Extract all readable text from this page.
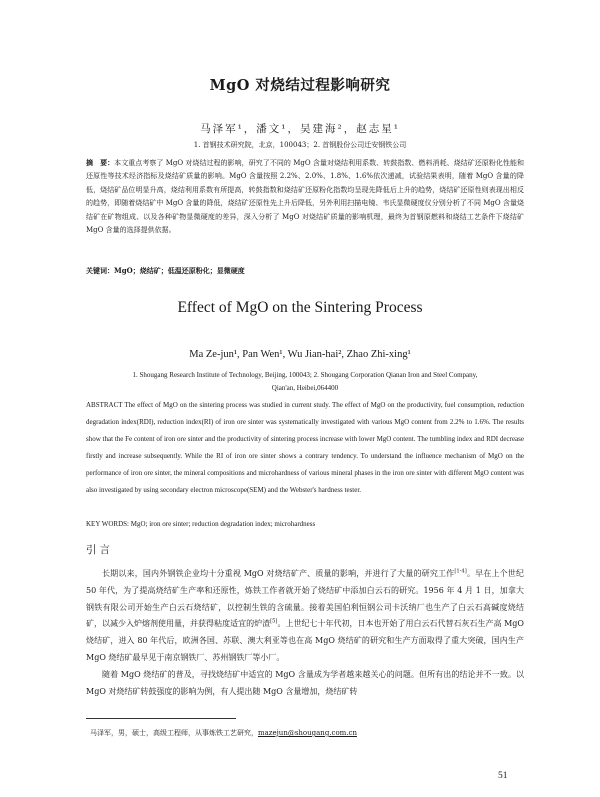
MgO 对烧结过程影响研究
马泽军¹，潘文¹，吴建海²，赵志星¹
1. 首钢技术研究院，北京，100043；2. 首钢股份公司迁安钢铁公司
摘　要：本文重点考察了 MgO 对烧结过程的影响，研究了不同的 MgO 含量对烧结利用系数、转鼓指数、燃料消耗、烧结矿还原粉化性能和还原性等技术经济指标及烧结矿质量的影响。MgO 含量按照 2.2%、2.0%、1.8%、1.6%依次递减，试验结果表明，随着 MgO 含量的降低，烧结矿品位明显升高，烧结利用系数有所提高，转鼓指数和烧结矿还原粉化指数均呈现先降低后上升的趋势，烧结矿还原性则表现出相反的趋势，即随着烧结矿中 MgO 含量的降低，烧结矿还原性先上升后降低，另外利用扫描电镜、韦氏显微硬度仪分别分析了不同 MgO 含量烧结矿在矿物组成、以及各种矿物显微硬度的差异，深入分析了 MgO 对烧结矿质量的影响机理，最终为首钢原燃料和烧结工艺条件下烧结矿 MgO 含量的选择提供依据。
关键词：MgO；烧结矿；低温还原粉化；显微硬度
Effect of MgO on the Sintering Process
Ma Ze-jun¹, Pan Wen¹, Wu Jian-hai², Zhao Zhi-xing¹
1. Shougang Research Institute of Technology, Beijing, 100043; 2. Shougang Corporation Qianan Iron and Steel Company,
Qian'an, Heibei,064400
ABSTRACT The effect of MgO on the sintering process was studied in current study. The effect of MgO on the productivity, fuel consumption, reduction degradation index(RDI), reduction index(RI) of iron ore sinter was systematically investigated with various MgO content from 2.2% to 1.6%. The results show that the Fe content of iron ore sinter and the productivity of sintering process increase with lower MgO content. The tumbling index and RDI decrease firstly and increase subsequently. While the RI of iron ore sinter shows a contrary tendency. To understand the influence mechanism of MgO on the performance of iron ore sinter, the mineral compositions and microhardness of various mineral phases in the iron ore sinter with different MgO content was also investigated by using secondary electron microscope(SEM) and the Webster's hardness tester.
KEY WORDS: MgO; iron ore sinter; reduction degradation index; microhardness
引言

长期以来，国内外钢铁企业均十分重视 MgO 对烧结矿产、质量的影响，并进行了大量的研究工作[1-4]。早在上个世纪 50 年代，为了提高烧结矿生产率和还原性，炼铁工作者就开始了烧结矿中添加白云石的研究。1956 年 4 月 1 日，加拿大钢铁有限公司开始生产白云石烧结矿，以控制生铁的含硫量。接着美国伯利恒钢公司卡沃纳厂也生产了白云石高碱度烧结矿，以减少入炉熔剂使用量，并获得粘度适宜的炉渣[5]。上世纪七十年代初，日本也开始了用白云石代替石灰石生产高 MgO 烧结矿，进入 80 年代后，欧洲各国、苏联、澳大利亚等也在高 MgO 烧结矿的研究和生产方面取得了重大突破，国内生产 MgO 烧结矿最早见于南京钢铁厂、苏州钢铁厂等小厂。

随着 MgO 烧结矿的普及，寻找烧结矿中适宜的 MgO 含量成为学者越来越关心的问题。但所有出的结论并不一致。以 MgO 对烧结矿转鼓强度的影响为例，有人提出随 MgO 含量增加，烧结矿转

马泽军，男，硕士，高级工程师，从事炼铁工艺研究，mazejun@shougang.com.cn
51
